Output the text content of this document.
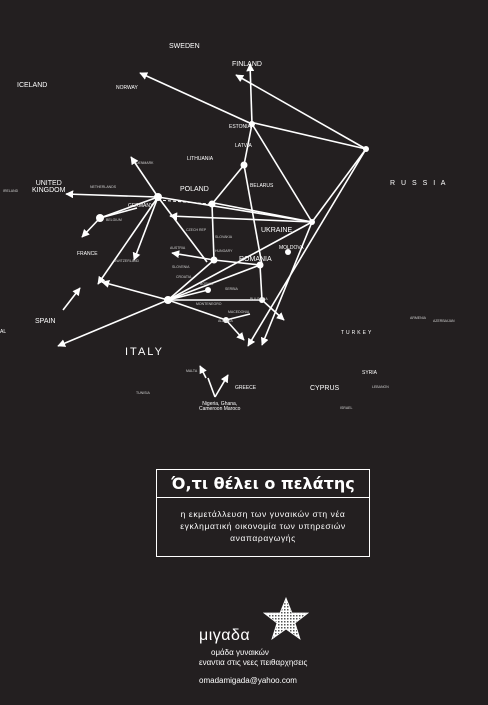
SWEDEN
FINLAND
ICELAND	NORWAY
ESTONIA
LATVIA
LITHUANIA
R U S S I A
UNITED
KINGDOM
IRELAND
DENMARK
NETHERLANDS	POLAND	BELARUS
GERMANY
BELGIUM
CZECH REP
SLOVAKIA
UKRAINE
MOLDOVA
FRANCE
SWITZERLAND
AUSTRIA
HUNGARY
SLOVENIA
CROATIA
ROMANIA
BOSNIA
SERBIA
MONTENEGRO
BULGARIA
ALBANIA
MACEDONIA
SPAIN
AL
ITALY
TURKEY
SYRIA
CYPRUS	LEBANON
ISRAEL
ARMENIA
AZERBAIJAN
MALTA
GREECE
TUNISIA
Nigeria, Ghana,
Cameroon Maroco
Ό,τι θέλει ο πελάτης
η εκμετάλλευση των γυναικών στη νέα εγκληματική οικονομία των υπηρεσιών αναπαραγωγής
μιγαδα
ομάδα γυναικών
εναντια στις νεες πειθαρχησεις
omadamigada@yahoo.com
